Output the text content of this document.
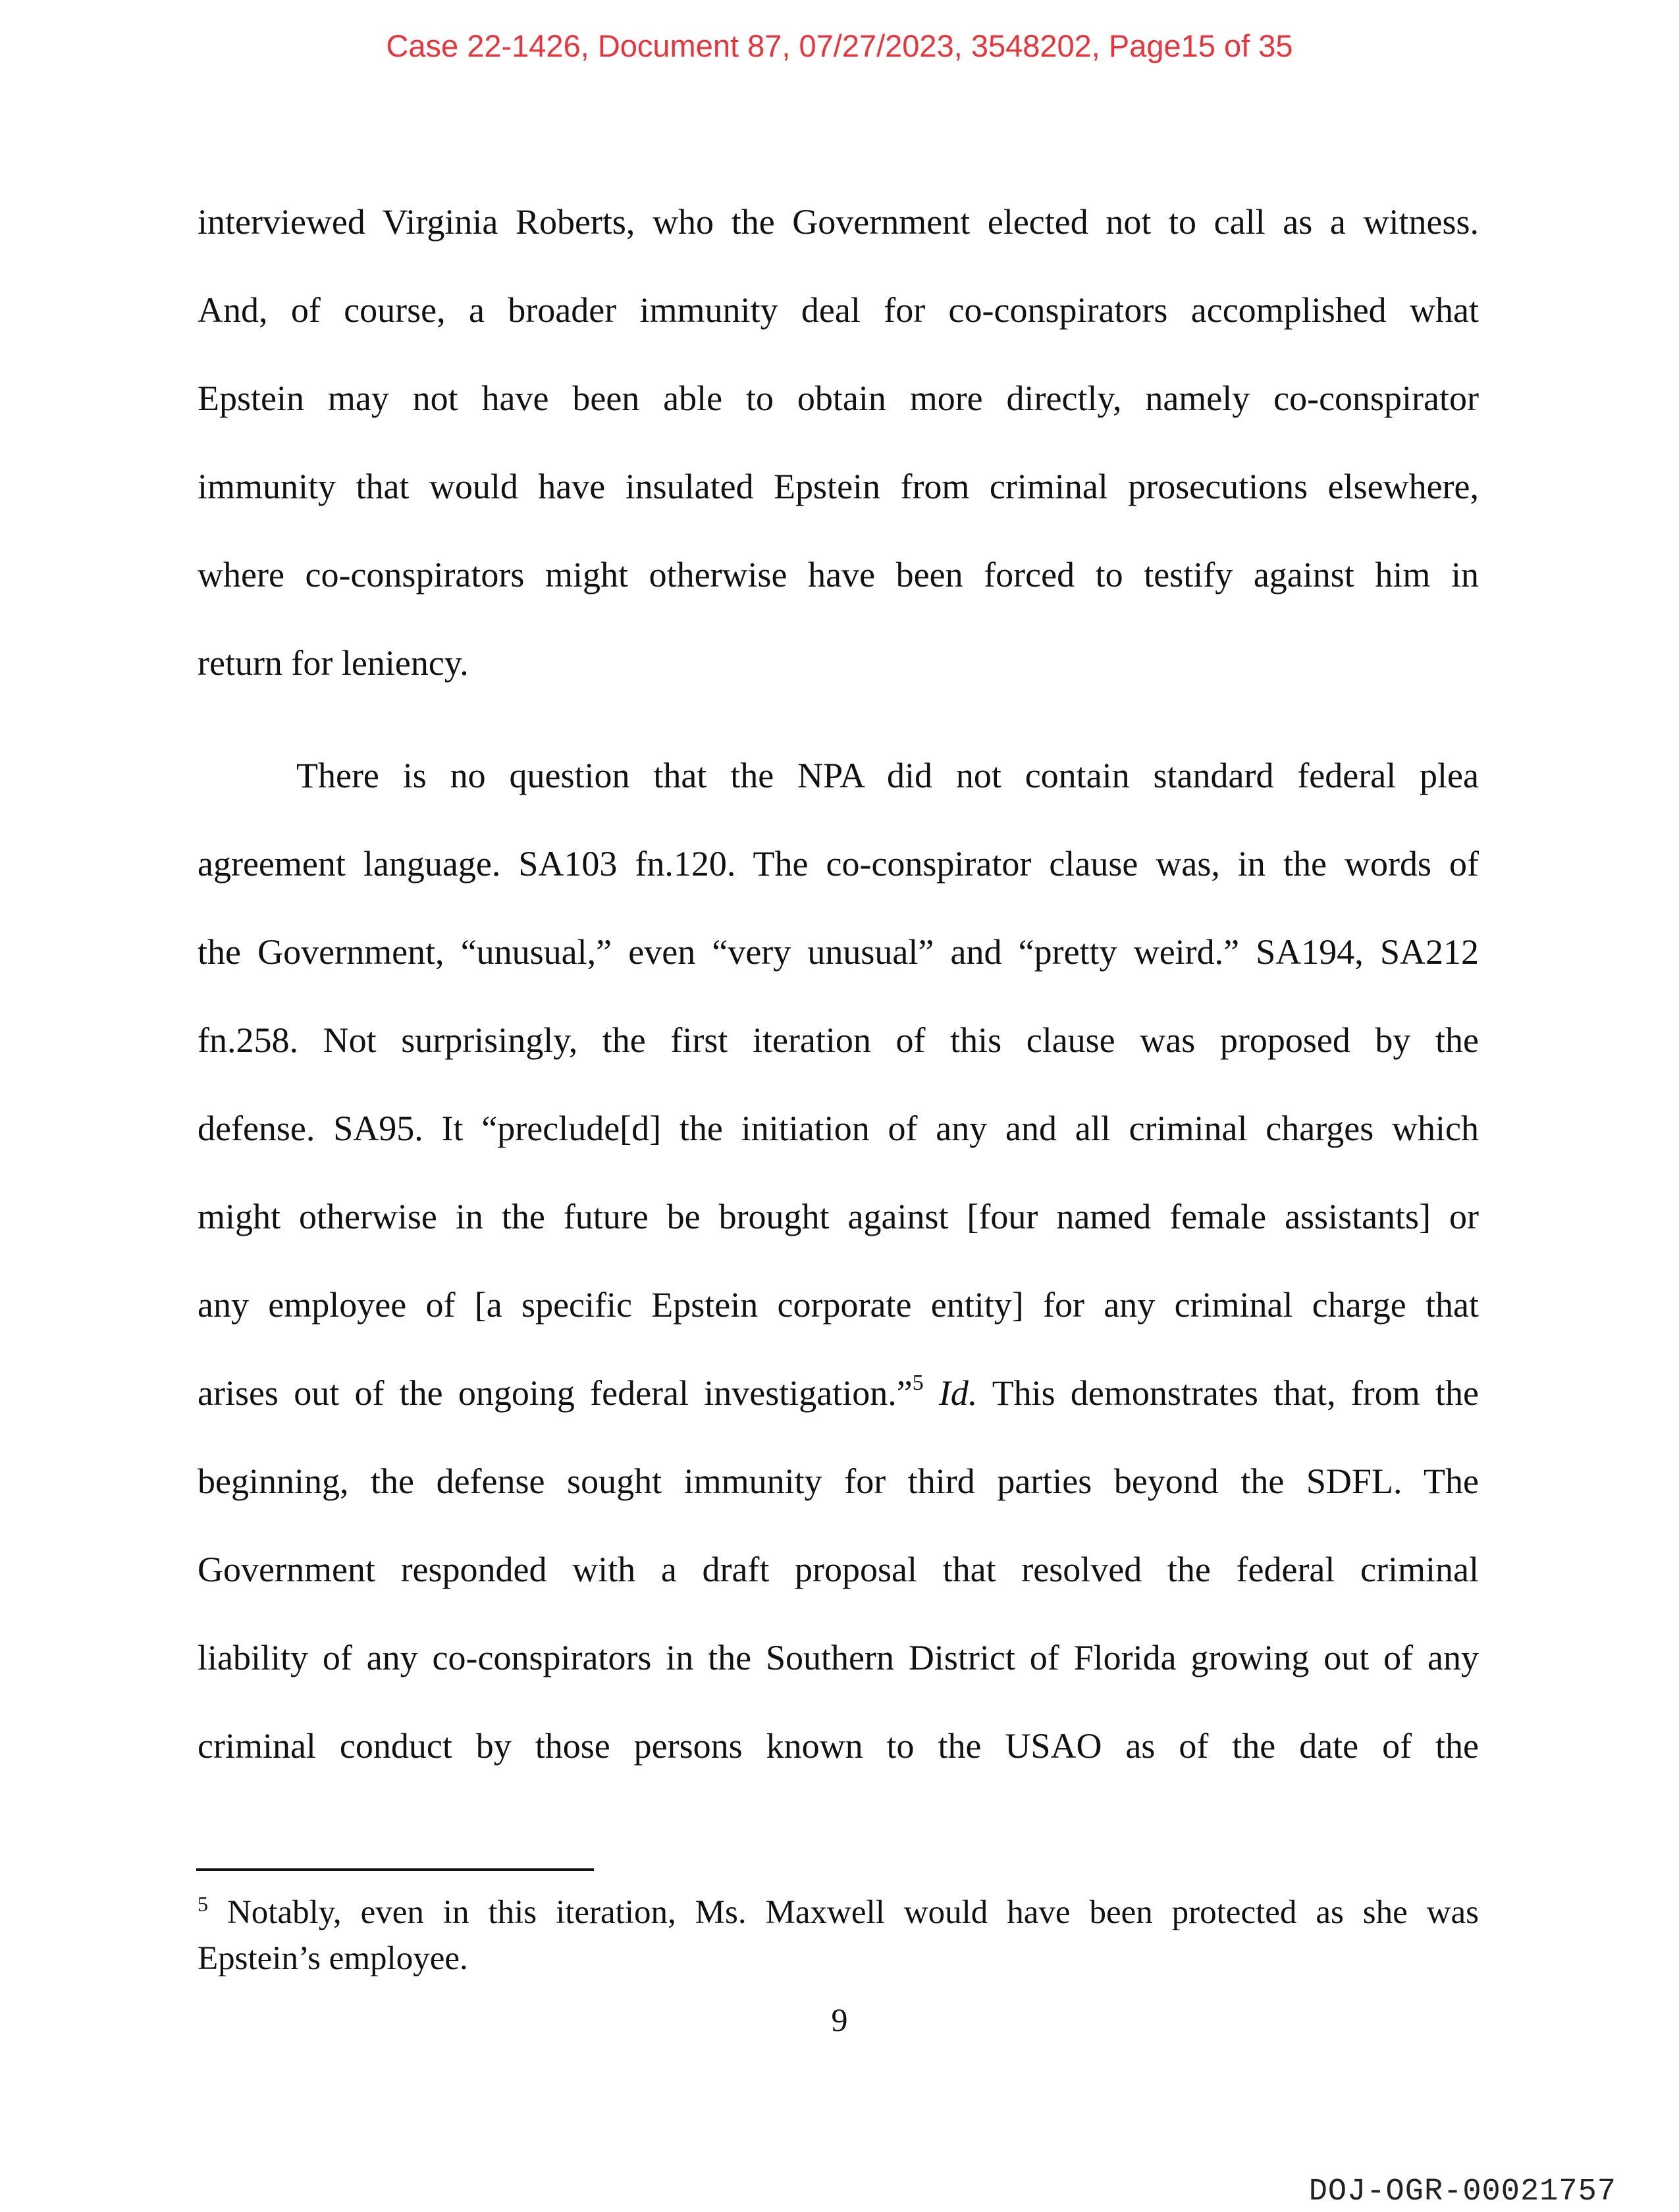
Case 22-1426, Document 87, 07/27/2023, 3548202, Page15 of 35
interviewed Virginia Roberts, who the Government elected not to call as a witness.
And, of course, a broader immunity deal for co-conspirators accomplished what
Epstein may not have been able to obtain more directly, namely co-conspirator
immunity that would have insulated Epstein from criminal prosecutions elsewhere,
where co-conspirators might otherwise have been forced to testify against him in
return for leniency.
There is no question that the NPA did not contain standard federal plea
agreement language. SA103 fn.120. The co-conspirator clause was, in the words of
the Government, “unusual,” even “very unusual” and “pretty weird.” SA194, SA212
fn.258. Not surprisingly, the first iteration of this clause was proposed by the
defense. SA95. It “preclude[d] the initiation of any and all criminal charges which
might otherwise in the future be brought against [four named female assistants] or
any employee of [a specific Epstein corporate entity] for any criminal charge that
arises out of the ongoing federal investigation.”$^5$ Id. This demonstrates that, from the
beginning, the defense sought immunity for third parties beyond the SDFL. The
Government responded with a draft proposal that resolved the federal criminal
liability of any co-conspirators in the Southern District of Florida growing out of any
criminal conduct by those persons known to the USAO as of the date of the
$^5$ Notably, even in this iteration, Ms. Maxwell would have been protected as she was
Epstein’s employee.
9
DOJ-OGR-00021757
